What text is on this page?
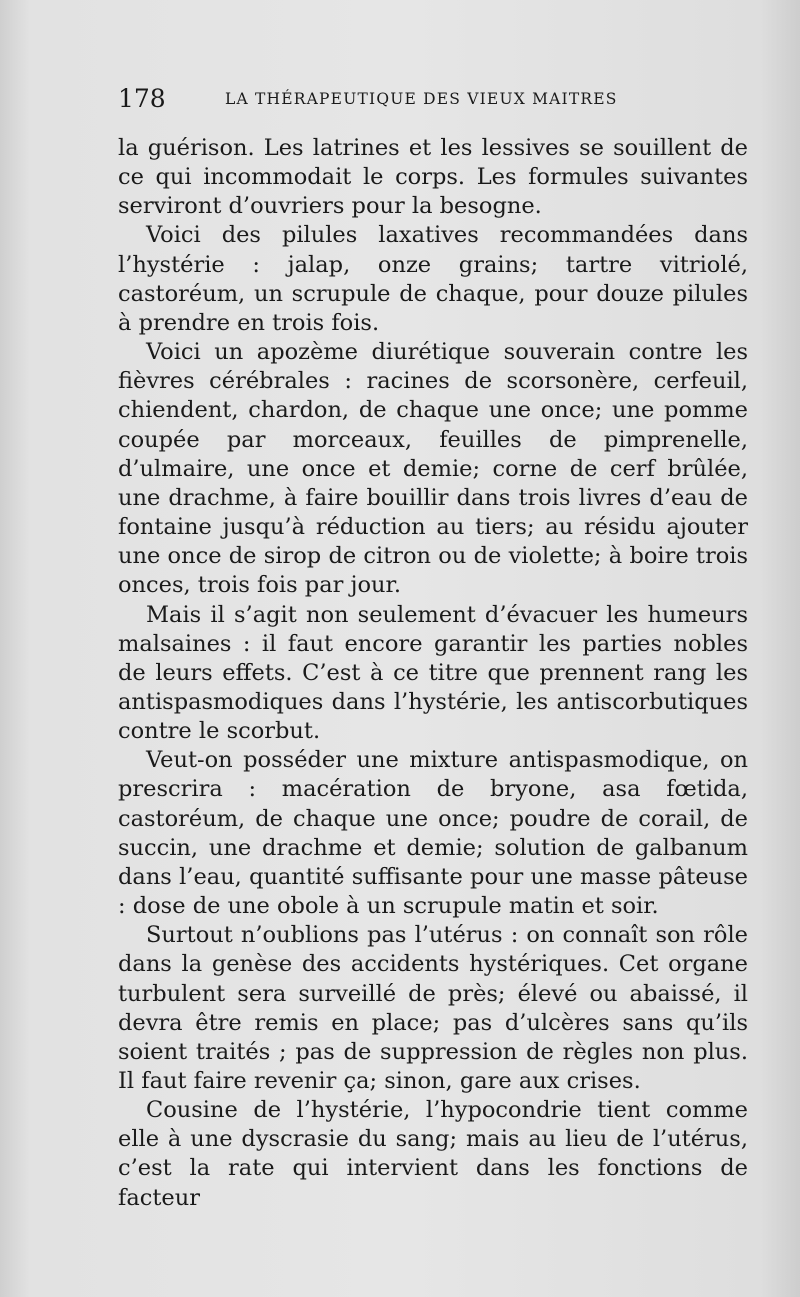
178	LA THÉRAPEUTIQUE DES VIEUX MAITRES

la guérison. Les latrines et les lessives se souillent de ce qui incommodait le corps. Les formules suivantes serviront d’ouvriers pour la besogne.

Voici des pilules laxatives recommandées dans l’hystérie : jalap, onze grains; tartre vitriolé, castoréum, un scrupule de chaque, pour douze pilules à prendre en trois fois.

Voici un apozème diurétique souverain contre les fièvres cérébrales : racines de scorsonère, cerfeuil, chiendent, chardon, de chaque une once; une pomme coupée par morceaux, feuilles de pimprenelle, d’ulmaire, une once et demie; corne de cerf brûlée, une drachme, à faire bouillir dans trois livres d’eau de fontaine jusqu’à réduction au tiers; au résidu ajouter une once de sirop de citron ou de violette; à boire trois onces, trois fois par jour.

Mais il s’agit non seulement d’évacuer les humeurs malsaines : il faut encore garantir les parties nobles de leurs effets. C’est à ce titre que prennent rang les antispasmodiques dans l’hystérie, les antiscorbutiques contre le scorbut.

Veut-on posséder une mixture antispasmodique, on prescrira : macération de bryone, asa fœtida, castoréum, de chaque une once; poudre de corail, de succin, une drachme et demie; solution de galbanum dans l’eau, quantité suffisante pour une masse pâteuse : dose de une obole à un scrupule matin et soir.

Surtout n’oublions pas l’utérus : on connaît son rôle dans la genèse des accidents hystériques. Cet organe turbulent sera surveillé de près; élevé ou abaissé, il devra être remis en place; pas d’ulcères sans qu’ils soient traités ; pas de suppression de règles non plus. Il faut faire revenir ça; sinon, gare aux crises.

Cousine de l’hystérie, l’hypocondrie tient comme elle à une dyscrasie du sang; mais au lieu de l’utérus, c’est la rate qui intervient dans les fonctions de facteur
